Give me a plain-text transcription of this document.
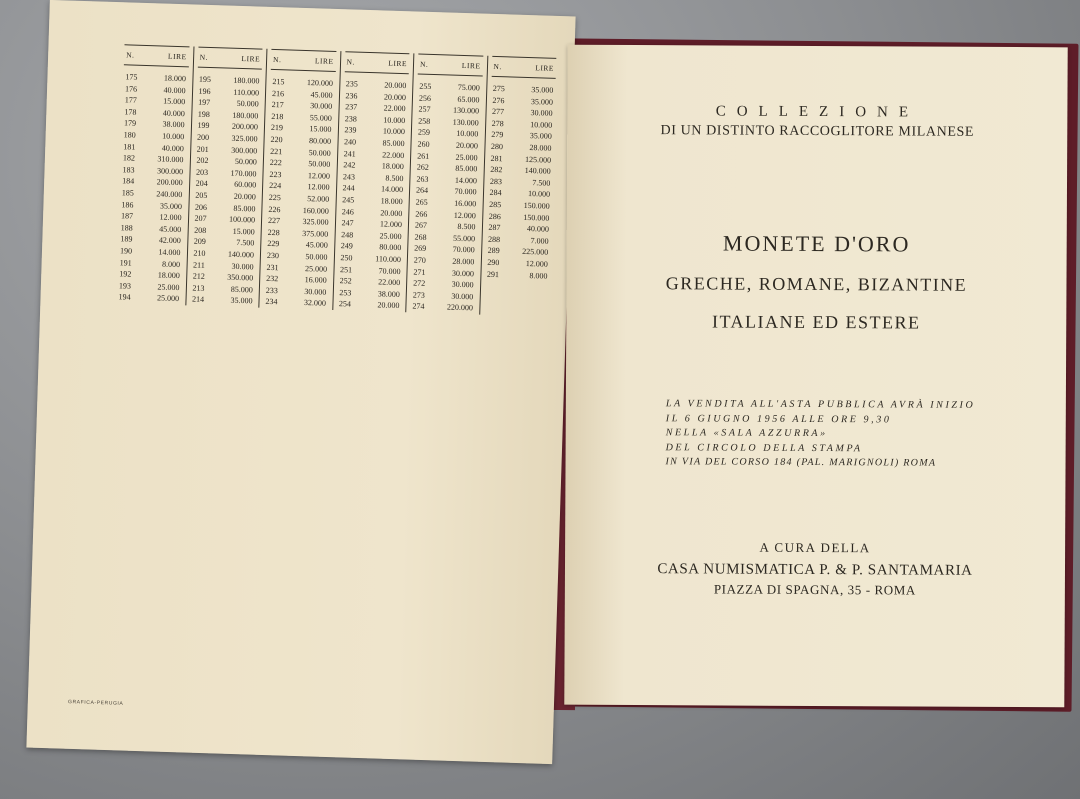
N.	LIRE
175	18.000
176	40.000
177	15.000
178	40.000
179	38.000
180	10.000
181	40.000
182	310.000
183	300.000
184	200.000
185	240.000
186	35.000
187	12.000
188	45.000
189	42.000
190	14.000
191	8.000
192	18.000
193	25.000
194	25.000
N.	LIRE
195	180.000
196	110.000
197	50.000
198	180.000
199	200.000
200	325.000
201	300.000
202	50.000
203	170.000
204	60.000
205	20.000
206	85.000
207	100.000
208	15.000
209	7.500
210	140.000
211	30.000
212	350.000
213	85.000
214	35.000
N.	LIRE
215	120.000
216	45.000
217	30.000
218	55.000
219	15.000
220	80.000
221	50.000
222	50.000
223	12.000
224	12.000
225	52.000
226	160.000
227	325.000
228	375.000
229	45.000
230	50.000
231	25.000
232	16.000
233	30.000
234	32.000
N.	LIRE
235	20.000
236	20.000
237	22.000
238	10.000
239	10.000
240	85.000
241	22.000
242	18.000
243	8.500
244	14.000
245	18.000
246	20.000
247	12.000
248	25.000
249	80.000
250	110.000
251	70.000
252	22.000
253	38.000
254	20.000
N.	LIRE
255	75.000
256	65.000
257	130.000
258	130.000
259	10.000
260	20.000
261	25.000
262	85.000
263	14.000
264	70.000
265	16.000
266	12.000
267	8.500
268	55.000
269	70.000
270	28.000
271	30.000
272	30.000
273	30.000
274	220.000
N.	LIRE
275	35.000
276	35.000
277	30.000
278	10.000
279	35.000
280	28.000
281	125.000
282	140.000
283	7.500
284	10.000
285	150.000
286	150.000
287	40.000
288	7.000
289	225.000
290	12.000
291	8.000
GRAFICA-PERUGIA
COLLEZIONE
DI UN DISTINTO RACCOGLITORE MILANESE
MONETE D'ORO
GRECHE, ROMANE, BIZANTINE
ITALIANE ED ESTERE
LA VENDITA ALL'ASTA PUBBLICA AVRÀ INIZIO
IL 6 GIUGNO 1956 ALLE ORE 9,30
NELLA «SALA AZZURRA»
DEL CIRCOLO DELLA STAMPA
IN VIA DEL CORSO 184 (PAL. MARIGNOLI) ROMA
A CURA DELLA
CASA NUMISMATICA P. & P. SANTAMARIA
PIAZZA DI SPAGNA, 35 - ROMA
